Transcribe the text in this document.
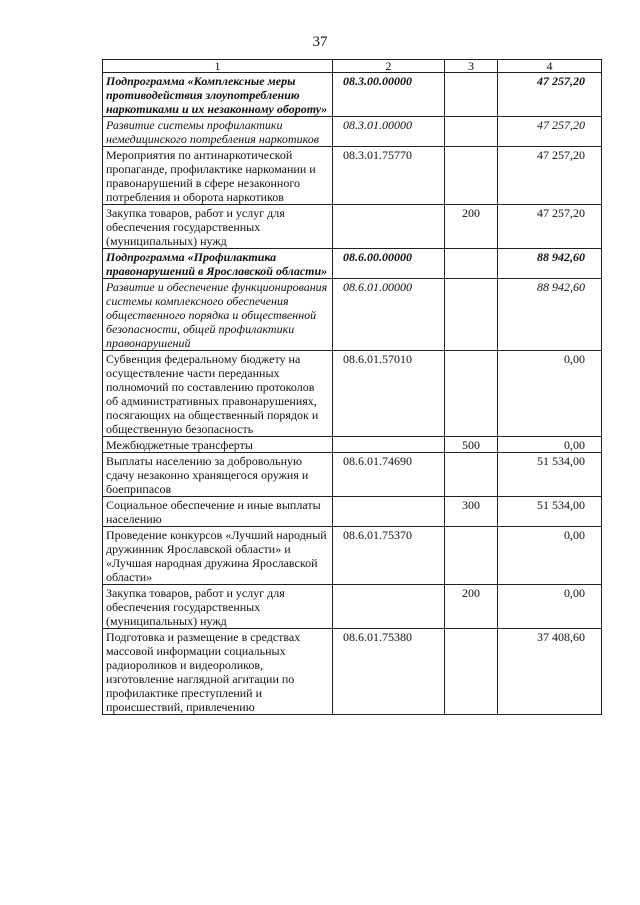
37
1	2	3	4
Подпрограмма «Комплексные меры противодействия злоупотреблению наркотиками и их незаконному обороту»	08.3.00.00000		47 257,20
Развитие системы профилактики немедицинского потребления наркотиков	08.3.01.00000		47 257,20
Мероприятия по антинаркотической пропаганде, профилактике наркомании и правонарушений в сфере незаконного потребления и оборота наркотиков	08.3.01.75770		47 257,20
Закупка товаров, работ и услуг для обеспечения государственных (муниципальных) нужд		200	47 257,20
Подпрограмма «Профилактика правонарушений в Ярославской области»	08.6.00.00000		88 942,60
Развитие и обеспечение функционирования системы комплексного обеспечения общественного порядка и общественной безопасности, общей профилактики правонарушений	08.6.01.00000		88 942,60
Субвенция федеральному бюджету на осуществление части переданных полномочий по составлению протоколов об административных правонарушениях, посягающих на общественный порядок и общественную безопасность	08.6.01.57010		0,00
Межбюджетные трансферты		500	0,00
Выплаты населению за добровольную сдачу незаконно хранящегося оружия и боеприпасов	08.6.01.74690		51 534,00
Социальное обеспечение и иные выплаты населению		300	51 534,00
Проведение конкурсов «Лучший народный дружинник Ярославской области» и «Лучшая народная дружина Ярославской области»	08.6.01.75370		0,00
Закупка товаров, работ и услуг для обеспечения государственных (муниципальных) нужд		200	0,00
Подготовка и размещение в средствах массовой информации социальных радиороликов и видеороликов, изготовление наглядной агитации по профилактике преступлений и происшествий, привлечению	08.6.01.75380		37 408,60
